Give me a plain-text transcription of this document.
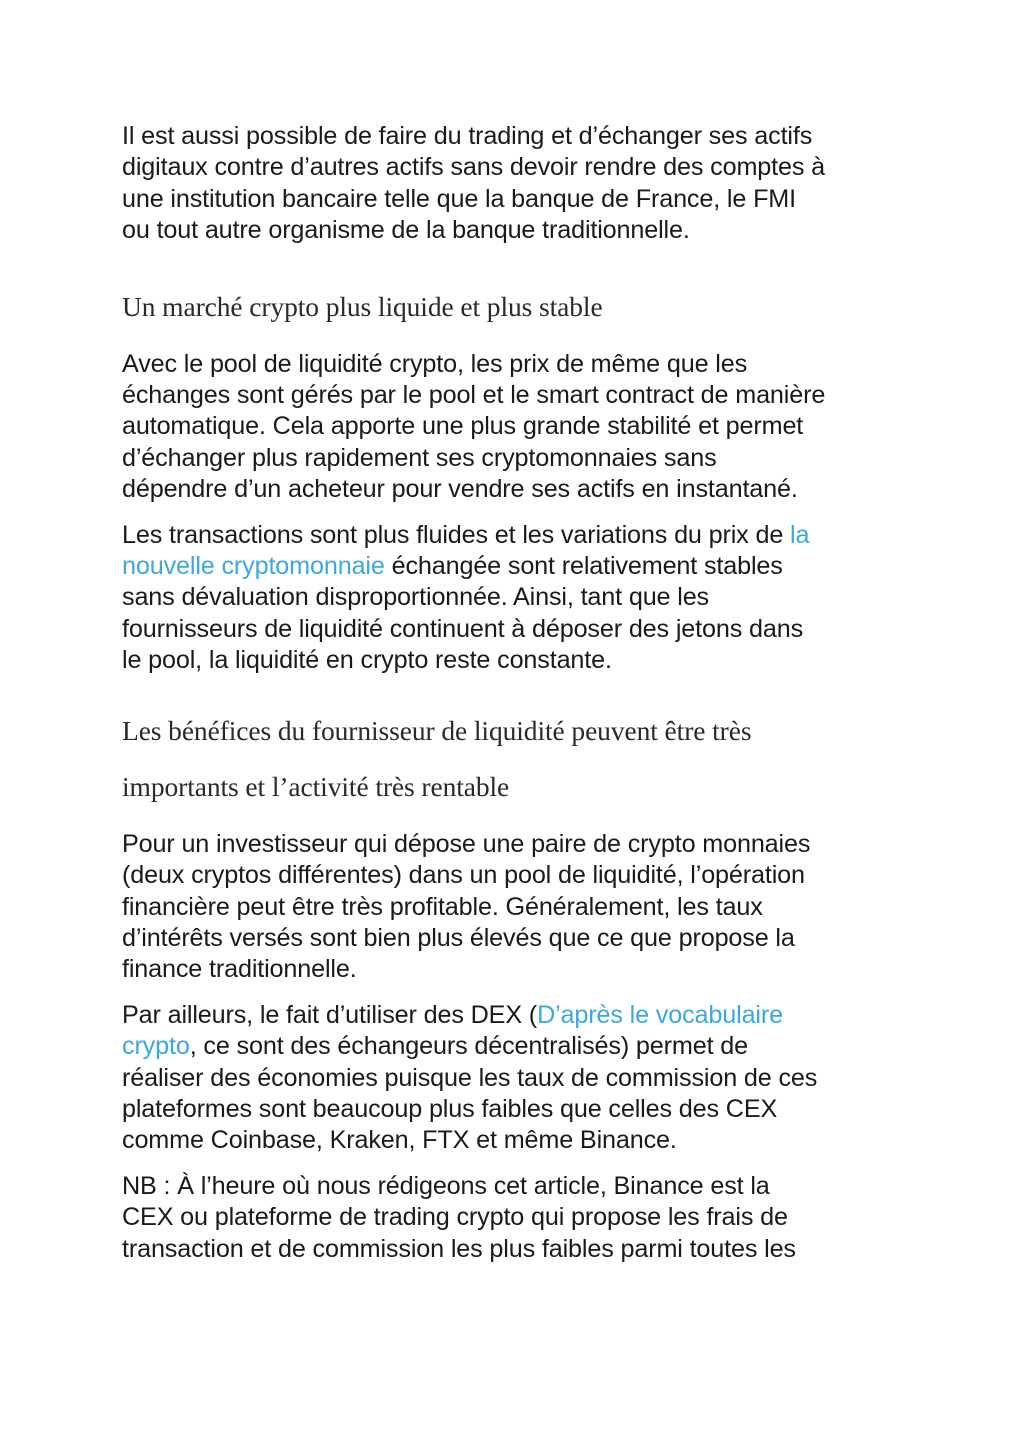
Il est aussi possible de faire du trading et d’échanger ses actifs
digitaux contre d’autres actifs sans devoir rendre des comptes à
une institution bancaire telle que la banque de France, le FMI
ou tout autre organisme de la banque traditionnelle.

Un marché crypto plus liquide et plus stable

Avec le pool de liquidité crypto, les prix de même que les
échanges sont gérés par le pool et le smart contract de manière
automatique. Cela apporte une plus grande stabilité et permet
d’échanger plus rapidement ses cryptomonnaies sans
dépendre d’un acheteur pour vendre ses actifs en instantané.

Les transactions sont plus fluides et les variations du prix de la
nouvelle cryptomonnaie échangée sont relativement stables
sans dévaluation disproportionnée. Ainsi, tant que les
fournisseurs de liquidité continuent à déposer des jetons dans
le pool, la liquidité en crypto reste constante.

Les bénéfices du fournisseur de liquidité peuvent être très
importants et l’activité très rentable

Pour un investisseur qui dépose une paire de crypto monnaies
(deux cryptos différentes) dans un pool de liquidité, l’opération
financière peut être très profitable. Généralement, les taux
d’intérêts versés sont bien plus élevés que ce que propose la
finance traditionnelle.

Par ailleurs, le fait d’utiliser des DEX (D’après le vocabulaire
crypto, ce sont des échangeurs décentralisés) permet de
réaliser des économies puisque les taux de commission de ces
plateformes sont beaucoup plus faibles que celles des CEX
comme Coinbase, Kraken, FTX et même Binance.

NB : À l’heure où nous rédigeons cet article, Binance est la
CEX ou plateforme de trading crypto qui propose les frais de
transaction et de commission les plus faibles parmi toutes les
